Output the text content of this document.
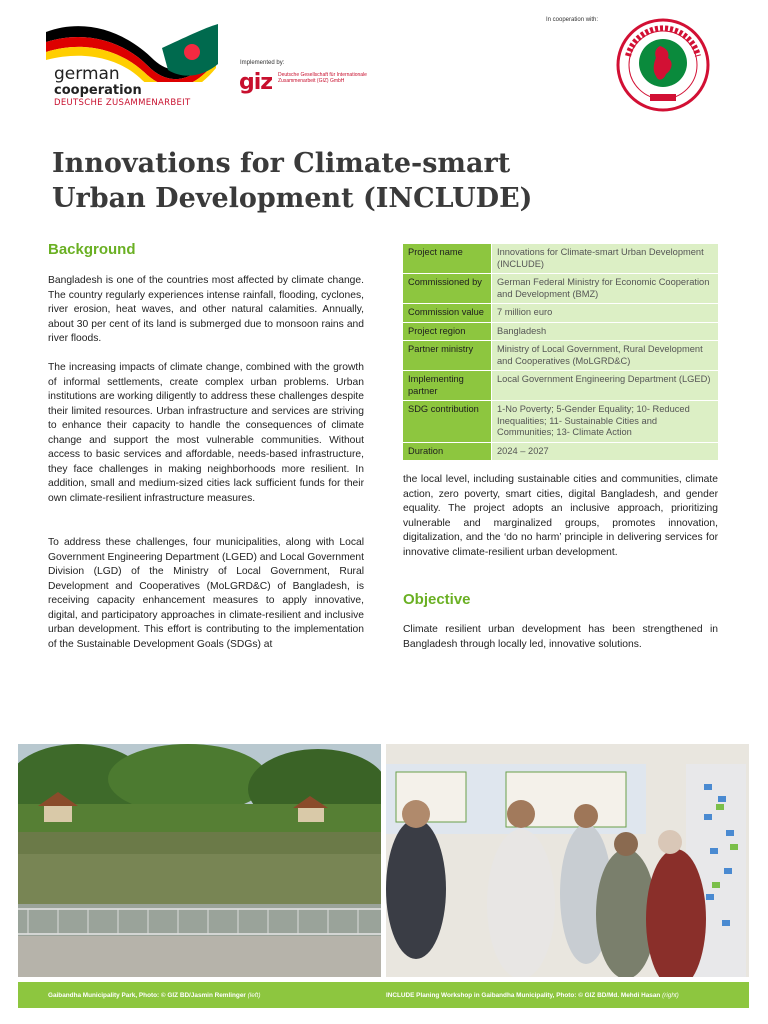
german
cooperation
DEUTSCHE ZUSAMMENARBEIT
Implemented by:
giz Deutsche Gesellschaft für Internationale Zusammenarbeit (GIZ) GmbH
In cooperation with:
Innovations for Climate-smart Urban Development (INCLUDE)
Background

Bangladesh is one of the countries most affected by climate change. The country regularly experiences intense rainfall, flooding, cyclones, river erosion, heat waves, and other natural calamities. Annually, about 30 per cent of its land is submerged due to monsoon rains and river floods.

The increasing impacts of climate change, combined with the growth of informal settlements, create complex urban problems. Urban institutions are working diligently to address these challenges despite their limited resources. Urban infrastructure and services are striving to enhance their capacity to handle the consequences of climate change and support the most vulnerable communities. Without access to basic services and affordable, needs-based infrastructure, they face challenges in making neighborhoods more resilient. In addition, small and medium-sized cities lack sufficient funds for their own climate-resilient infrastructure measures.

To address these challenges, four municipalities, along with Local Government Engineering Department (LGED) and Local Government Division (LGD) of the Ministry of Local Government, Rural Development and Cooperatives (MoLGRD&C) of Bangladesh, is receiving capacity enhancement measures to apply innovative, digital, and participatory approaches in climate-resilient and inclusive urban development. This effort is contributing to the implementation of the Sustainable Development Goals (SDGs) at

Project name	Innovations for Climate-smart Urban Development (INCLUDE)
Commissioned by	German Federal Ministry for Economic Cooperation and Development (BMZ)
Commission value	7 million euro
Project region	Bangladesh
Partner ministry	Ministry of Local Government, Rural Development and Cooperatives (MoLGRD&C)
Implementing partner	Local Government Engineering Department (LGED)
SDG contribution	1-No Poverty; 5-Gender Equality; 10- Reduced Inequalities; 11- Sustainable Cities and Communities; 13- Climate Action
Duration	2024 – 2027

the local level, including sustainable cities and communities, climate action, zero poverty, smart cities, digital Bangladesh, and gender equality. The project adopts an inclusive approach, prioritizing vulnerable and marginalized groups, promotes innovation, digitalization, and the ‘do no harm’ principle in delivering services for innovative climate-resilient urban development.

Objective

Climate resilient urban development has been strengthened in Bangladesh through locally led, innovative solutions.

Gaibandha Municipality Park, Photo: © GIZ BD/Jasmin Remlinger (left)	INCLUDE Planing Workshop in Gaibandha Municipality, Photo: © GIZ BD/Md. Mehdi Hasan (right)
